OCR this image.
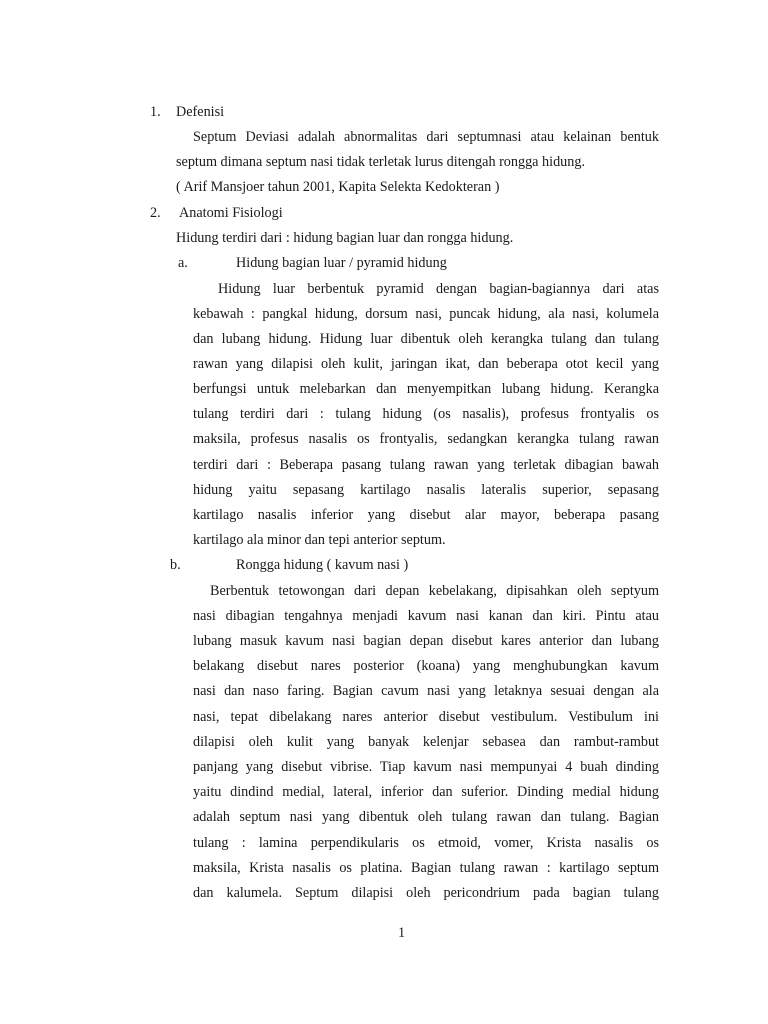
1. Defenisi
Septum Deviasi adalah abnormalitas dari septumnasi atau kelainan bentuk
septum dimana septum nasi tidak terletak lurus ditengah rongga hidung.
( Arif Mansjoer tahun 2001, Kapita Selekta Kedokteran )
2. Anatomi Fisiologi
Hidung terdiri dari : hidung bagian luar dan rongga hidung.
a.	Hidung bagian luar / pyramid hidung
Hidung luar berbentuk pyramid dengan bagian-bagiannya dari atas
kebawah : pangkal hidung, dorsum nasi, puncak hidung, ala nasi, kolumela
dan lubang hidung. Hidung luar dibentuk oleh kerangka tulang dan tulang
rawan yang dilapisi oleh kulit, jaringan ikat, dan beberapa otot kecil yang
berfungsi untuk melebarkan dan menyempitkan lubang hidung. Kerangka
tulang terdiri dari : tulang hidung (os nasalis), profesus frontyalis os
maksila, profesus nasalis os frontyalis, sedangkan kerangka tulang rawan
terdiri dari : Beberapa pasang tulang rawan yang terletak dibagian bawah
hidung yaitu sepasang kartilago nasalis lateralis superior, sepasang
kartilago nasalis inferior yang disebut alar mayor, beberapa pasang
kartilago ala minor dan tepi anterior septum.
b.	Rongga hidung ( kavum nasi )
Berbentuk tetowongan dari depan kebelakang, dipisahkan oleh septyum
nasi dibagian tengahnya menjadi kavum nasi kanan dan kiri. Pintu atau
lubang masuk kavum nasi bagian depan disebut kares anterior dan lubang
belakang disebut nares posterior (koana) yang menghubungkan kavum
nasi dan naso faring. Bagian cavum nasi yang letaknya sesuai dengan ala
nasi, tepat dibelakang nares anterior disebut vestibulum. Vestibulum ini
dilapisi oleh kulit yang banyak kelenjar sebasea dan rambut-rambut
panjang yang disebut vibrise. Tiap kavum nasi mempunyai 4 buah dinding
yaitu dindind medial, lateral, inferior dan suferior. Dinding medial hidung
adalah septum nasi yang dibentuk oleh tulang rawan dan tulang. Bagian
tulang : lamina perpendikularis os etmoid, vomer, Krista nasalis os
maksila, Krista nasalis os platina. Bagian tulang rawan : kartilago septum
dan kalumela. Septum dilapisi oleh pericondrium pada bagian tulang
1
